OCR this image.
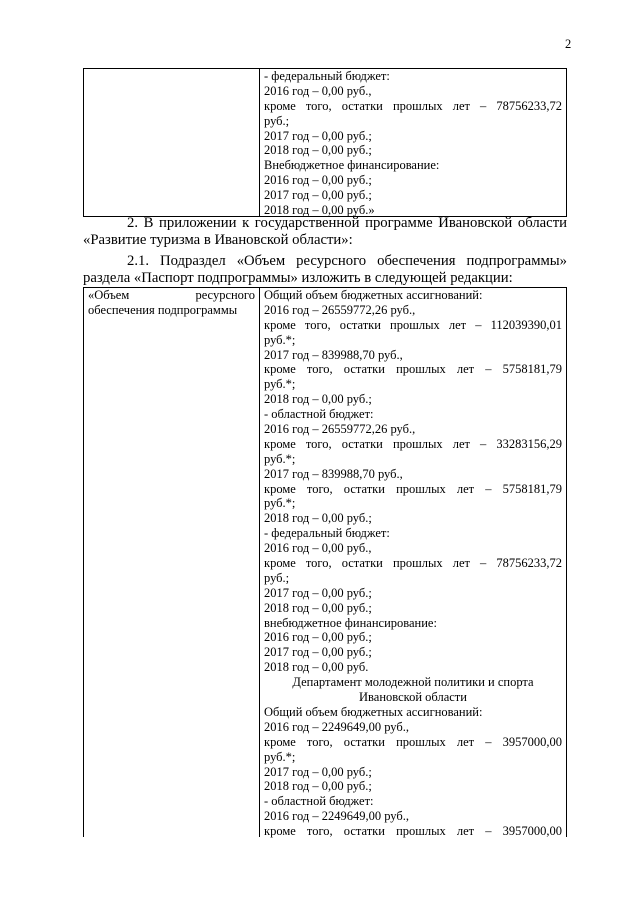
2
- федеральный бюджет:
2016 год – 0,00 руб.,
кроме того, остатки прошлых лет – 78756233,72
руб.;
2017 год – 0,00 руб.;
2018 год – 0,00 руб.;
Внебюджетное финансирование:
2016 год – 0,00 руб.;
2017 год – 0,00 руб.;
2018 год – 0,00 руб.»
2. В приложении к государственной программе Ивановской области
«Развитие туризма в Ивановской области»:
2.1. Подраздел «Объем ресурсного обеспечения подпрограммы»
раздела «Паспорт подпрограммы» изложить в следующей редакции:
«Объем ресурсного
обеспечения подпрограммы
Общий объем бюджетных ассигнований:
2016 год – 26559772,26 руб.,
кроме того, остатки прошлых лет – 112039390,01
руб.*;
2017 год – 839988,70 руб.,
кроме того, остатки прошлых лет – 5758181,79
руб.*;
2018 год – 0,00 руб.;
- областной бюджет:
2016 год – 26559772,26 руб.,
кроме того, остатки прошлых лет – 33283156,29
руб.*;
2017 год – 839988,70 руб.,
кроме того, остатки прошлых лет – 5758181,79
руб.*;
2018 год – 0,00 руб.;
- федеральный бюджет:
2016 год – 0,00 руб.,
кроме того, остатки прошлых лет – 78756233,72
руб.;
2017 год – 0,00 руб.;
2018 год – 0,00 руб.;
внебюджетное финансирование:
2016 год – 0,00 руб.;
2017 год – 0,00 руб.;
2018 год – 0,00 руб.
Департамент молодежной политики и спорта
Ивановской области
Общий объем бюджетных ассигнований:
2016 год – 2249649,00 руб.,
кроме того, остатки прошлых лет – 3957000,00
руб.*;
2017 год – 0,00 руб.;
2018 год – 0,00 руб.;
- областной бюджет:
2016 год – 2249649,00 руб.,
кроме того, остатки прошлых лет – 3957000,00
